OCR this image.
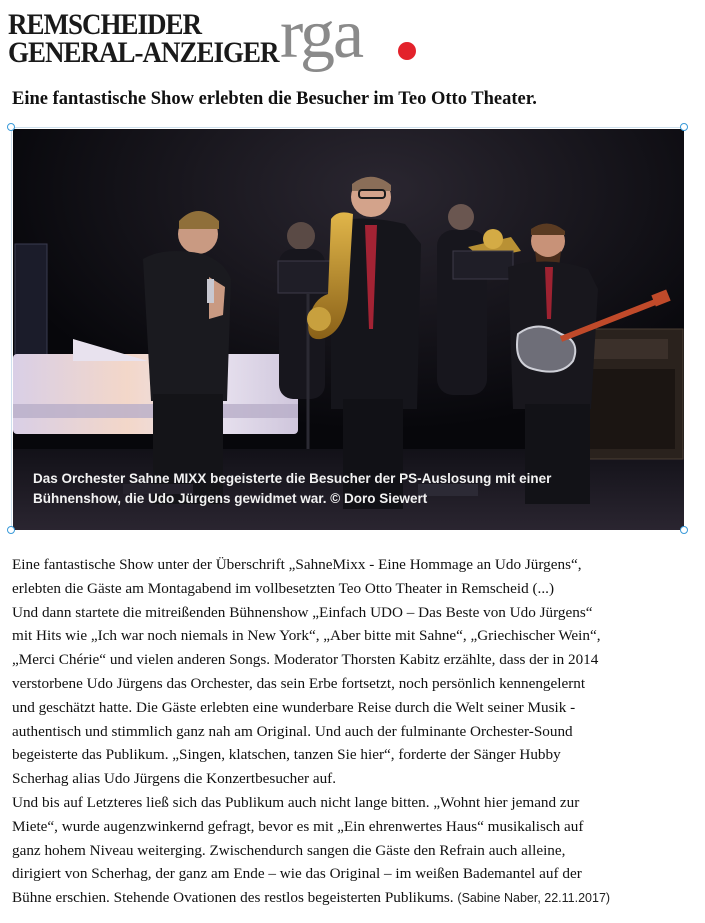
REMSCHEIDER
GENERAL-ANZEIGER rga
Eine fantastische Show erlebten die Besucher im Teo Otto Theater.
Das Orchester Sahne MIXX begeisterte die Besucher der PS-Auslosung mit einer
Bühnenshow, die Udo Jürgens gewidmet war. © Doro Siewert
Eine fantastische Show unter der Überschrift „SahneMixx - Eine Hommage an Udo Jürgens“,
erlebten die Gäste am Montagabend im vollbesetzten Teo Otto Theater in Remscheid (...)
Und dann startete die mitreißenden Bühnenshow „Einfach UDO – Das Beste von Udo Jürgens“
mit Hits wie „Ich war noch niemals in New York“, „Aber bitte mit Sahne“, „Griechischer Wein“,
„Merci Chérie“ und vielen anderen Songs. Moderator Thorsten Kabitz erzählte, dass der in 2014
verstorbene Udo Jürgens das Orchester, das sein Erbe fortsetzt, noch persönlich kennengelernt
und geschätzt hatte. Die Gäste erlebten eine wunderbare Reise durch die Welt seiner Musik -
authentisch und stimmlich ganz nah am Original. Und auch der fulminante Orchester-Sound
begeisterte das Publikum. „Singen, klatschen, tanzen Sie hier“, forderte der Sänger Hubby
Scherhag alias Udo Jürgens die Konzertbesucher auf.
Und bis auf Letzteres ließ sich das Publikum auch nicht lange bitten. „Wohnt hier jemand zur
Miete“, wurde augenzwinkernd gefragt, bevor es mit „Ein ehrenwertes Haus“ musikalisch auf
ganz hohem Niveau weiterging. Zwischendurch sangen die Gäste den Refrain auch alleine,
dirigiert von Scherhag, der ganz am Ende – wie das Original – im weißen Bademantel auf der
Bühne erschien. Stehende Ovationen des restlos begeisterten Publikums. (Sabine Naber, 22.11.2017)
